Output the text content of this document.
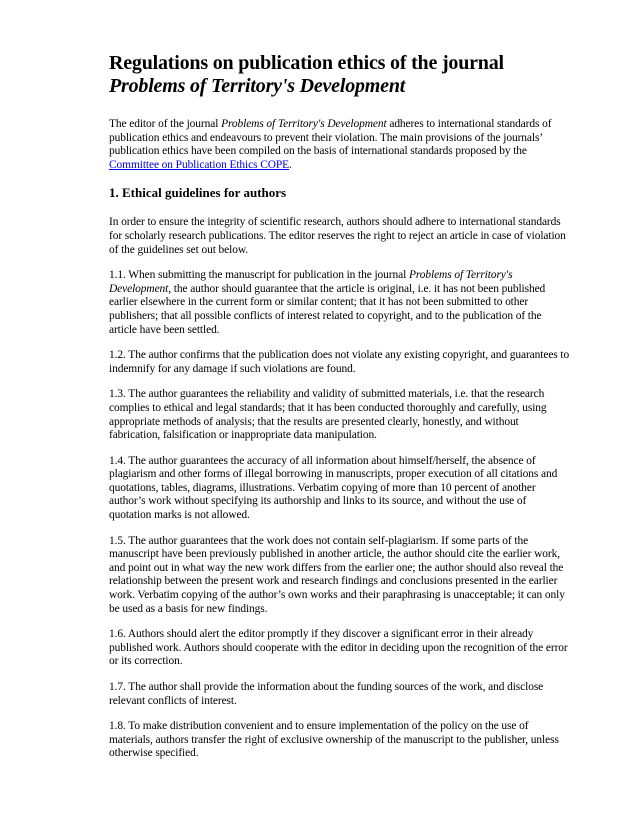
Regulations on publication ethics of the journal
Problems of Territory's Development

The editor of the journal Problems of Territory's Development adheres to international standards of publication ethics and endeavours to prevent their violation. The main provisions of the journals’ publication ethics have been compiled on the basis of international standards proposed by the Committee on Publication Ethics COPE.

1. Ethical guidelines for authors

In order to ensure the integrity of scientific research, authors should adhere to international standards for scholarly research publications. The editor reserves the right to reject an article in case of violation of the guidelines set out below.

1.1. When submitting the manuscript for publication in the journal Problems of Territory's Development, the author should guarantee that the article is original, i.e. it has not been published earlier elsewhere in the current form or similar content; that it has not been submitted to other publishers; that all possible conflicts of interest related to copyright, and to the publication of the article have been settled.

1.2. The author confirms that the publication does not violate any existing copyright, and guarantees to indemnify for any damage if such violations are found.

1.3. The author guarantees the reliability and validity of submitted materials, i.e. that the research complies to ethical and legal standards; that it has been conducted thoroughly and carefully, using appropriate methods of analysis; that the results are presented clearly, honestly, and without fabrication, falsification or inappropriate data manipulation.

1.4. The author guarantees the accuracy of all information about himself/herself, the absence of plagiarism and other forms of illegal borrowing in manuscripts, proper execution of all citations and quotations, tables, diagrams, illustrations. Verbatim copying of more than 10 percent of another author’s work without specifying its authorship and links to its source, and without the use of quotation marks is not allowed.

1.5. The author guarantees that the work does not contain self-plagiarism. If some parts of the manuscript have been previously published in another article, the author should cite the earlier work, and point out in what way the new work differs from the earlier one; the author should also reveal the relationship between the present work and research findings and conclusions presented in the earlier work. Verbatim copying of the author’s own works and their paraphrasing is unacceptable; it can only be used as a basis for new findings.

1.6. Authors should alert the editor promptly if they discover a significant error in their already published work. Authors should cooperate with the editor in deciding upon the recognition of the error or its correction.

1.7. The author shall provide the information about the funding sources of the work, and disclose relevant conflicts of interest.

1.8. To make distribution convenient and to ensure implementation of the policy on the use of materials, authors transfer the right of exclusive ownership of the manuscript to the publisher, unless otherwise specified.
